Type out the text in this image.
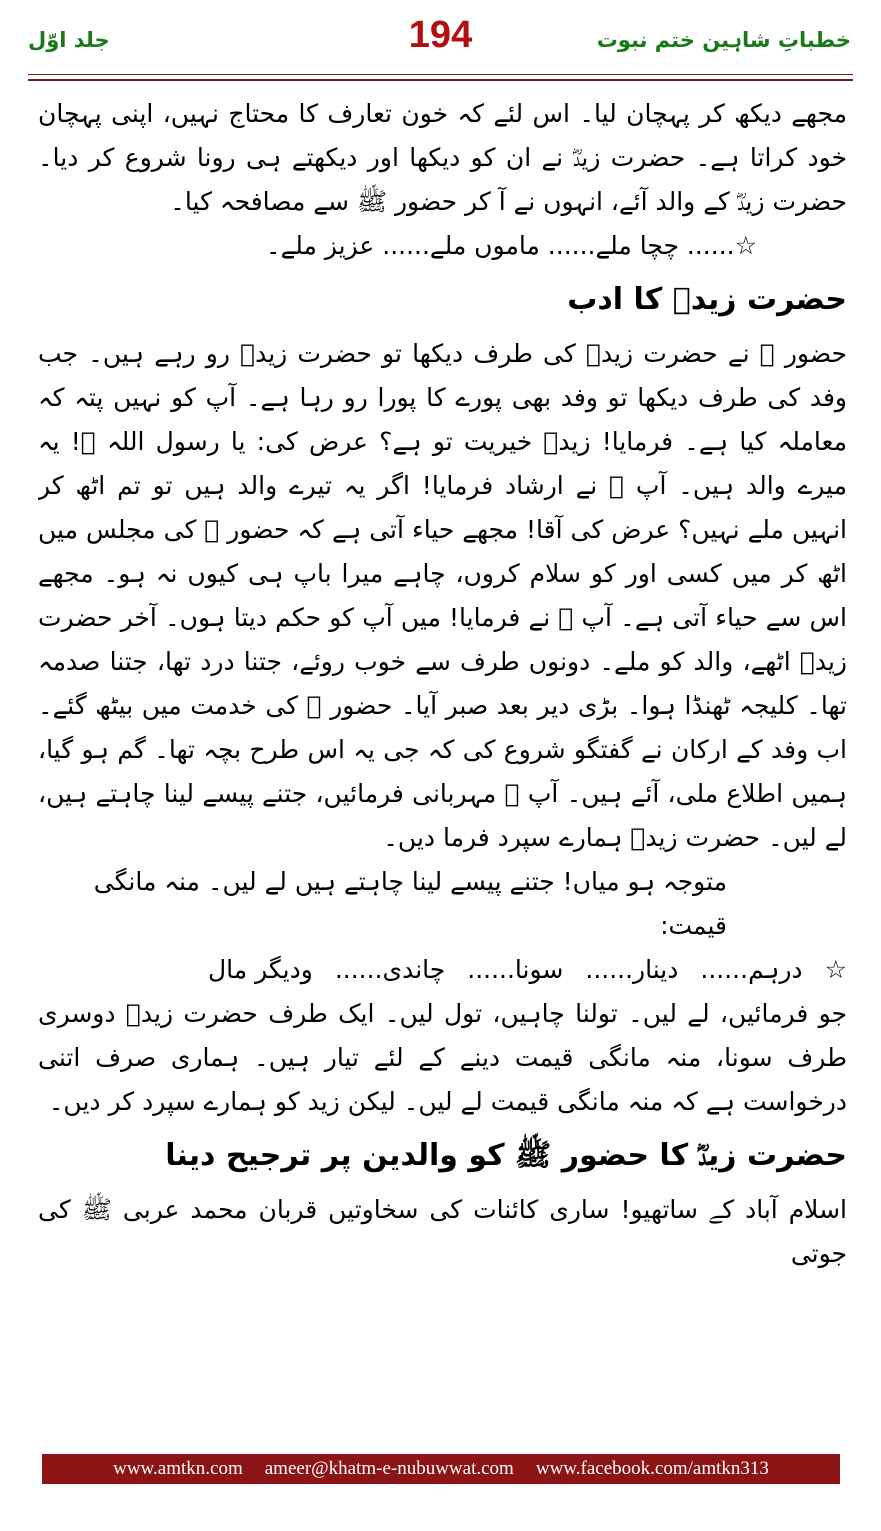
جلد اوّل	194	خطباتِ شاہین ختم نبوت

مجھے دیکھ کر پہچان لیا۔ اس لئے کہ خون تعارف کا محتاج نہیں، اپنی پہچان خود کراتا ہے۔ حضرت زیدؓ نے ان کو دیکھا اور دیکھتے ہی رونا شروع کر دیا۔ حضرت زیدؓ کے والد آئے، انہوں نے آ کر حضور ﷺ سے مصافحہ کیا۔

☆...... چچا ملے...... ماموں ملے...... عزیز ملے۔

حضرت زیدؓ کا ادب

حضور ﷺ نے حضرت زیدؓ کی طرف دیکھا تو حضرت زیدؓ رو رہے ہیں۔ جب وفد کی طرف دیکھا تو وفد بھی پورے کا پورا رو رہا ہے۔ آپ کو نہیں پتہ کہ معاملہ کیا ہے۔ فرمایا! زیدؓ خیریت تو ہے؟ عرض کی: یا رسول اللہ ﷺ! یہ میرے والد ہیں۔ آپ ﷺ نے ارشاد فرمایا! اگر یہ تیرے والد ہیں تو تم اٹھ کر انہیں ملے نہیں؟ عرض کی آقا! مجھے حیاء آتی ہے کہ حضور ﷺ کی مجلس میں اٹھ کر میں کسی اور کو سلام کروں، چاہے میرا باپ ہی کیوں نہ ہو۔ مجھے اس سے حیاء آتی ہے۔ آپ ﷺ نے فرمایا! میں آپ کو حکم دیتا ہوں۔ آخر حضرت زیدؓ اٹھے، والد کو ملے۔ دونوں طرف سے خوب روئے، جتنا درد تھا، جتنا صدمہ تھا۔ کلیجہ ٹھنڈا ہوا۔ بڑی دیر بعد صبر آیا۔ حضور ﷺ کی خدمت میں بیٹھ گئے۔ اب وفد کے ارکان نے گفتگو شروع کی کہ جی یہ اس طرح بچہ تھا۔ گم ہو گیا، ہمیں اطلاع ملی، آئے ہیں۔ آپ ﷺ مہربانی فرمائیں، جتنے پیسے لینا چاہتے ہیں، لے لیں۔ حضرت زیدؓ ہمارے سپرد فرما دیں۔

متوجہ ہو میاں! جتنے پیسے لینا چاہتے ہیں لے لیں۔ منہ مانگی قیمت:

☆
درہم......
دینار......
سونا......
چاندی......
ودیگر مال

جو فرمائیں، لے لیں۔ تولنا چاہیں، تول لیں۔ ایک طرف حضرت زیدؓ دوسری طرف سونا، منہ مانگی قیمت دینے کے لئے تیار ہیں۔ ہماری صرف اتنی درخواست ہے کہ منہ مانگی قیمت لے لیں۔ لیکن زید کو ہمارے سپرد کر دیں۔

حضرت زیدؓ کا حضور ﷺ کو والدین پر ترجیح دینا

اسلام آباد کے ساتھیو! ساری کائنات کی سخاوتیں قربان محمد عربی ﷺ کی جوتی

www.amtkn.com ameer@khatm-e-nubuwwat.com www.facebook.com/amtkn313
